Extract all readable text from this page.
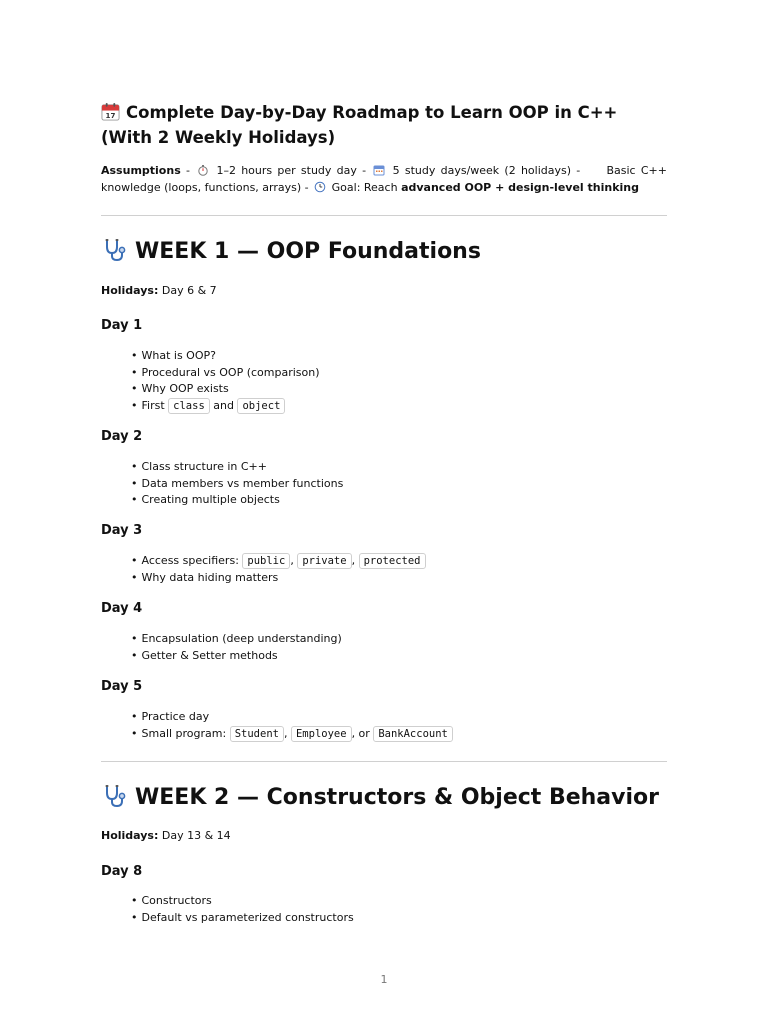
17 Complete Day-by-Day Roadmap to Learn OOP in C++ (With 2 Weekly Holidays)

Assumptions -  1–2 hours per study day -  5 study days/week (2 holidays) -     Basic C++ knowledge (loops, functions, arrays) -  Goal: Reach advanced OOP + design-level thinking

WEEK 1 — OOP Foundations

Holidays: Day 6 & 7

Day 1
• What is OOP?
• Procedural vs OOP (comparison)
• Why OOP exists
• First class and object
Day 2
• Class structure in C++
• Data members vs member functions
• Creating multiple objects
Day 3
• Access specifiers: public , private , protected
• Why data hiding matters
Day 4
• Encapsulation (deep understanding)
• Getter & Setter methods
Day 5
• Practice day
• Small program: Student , Employee , or BankAccount
WEEK 2 — Constructors & Object Behavior

Holidays: Day 13 & 14

Day 8
• Constructors
• Default vs parameterized constructors
1
